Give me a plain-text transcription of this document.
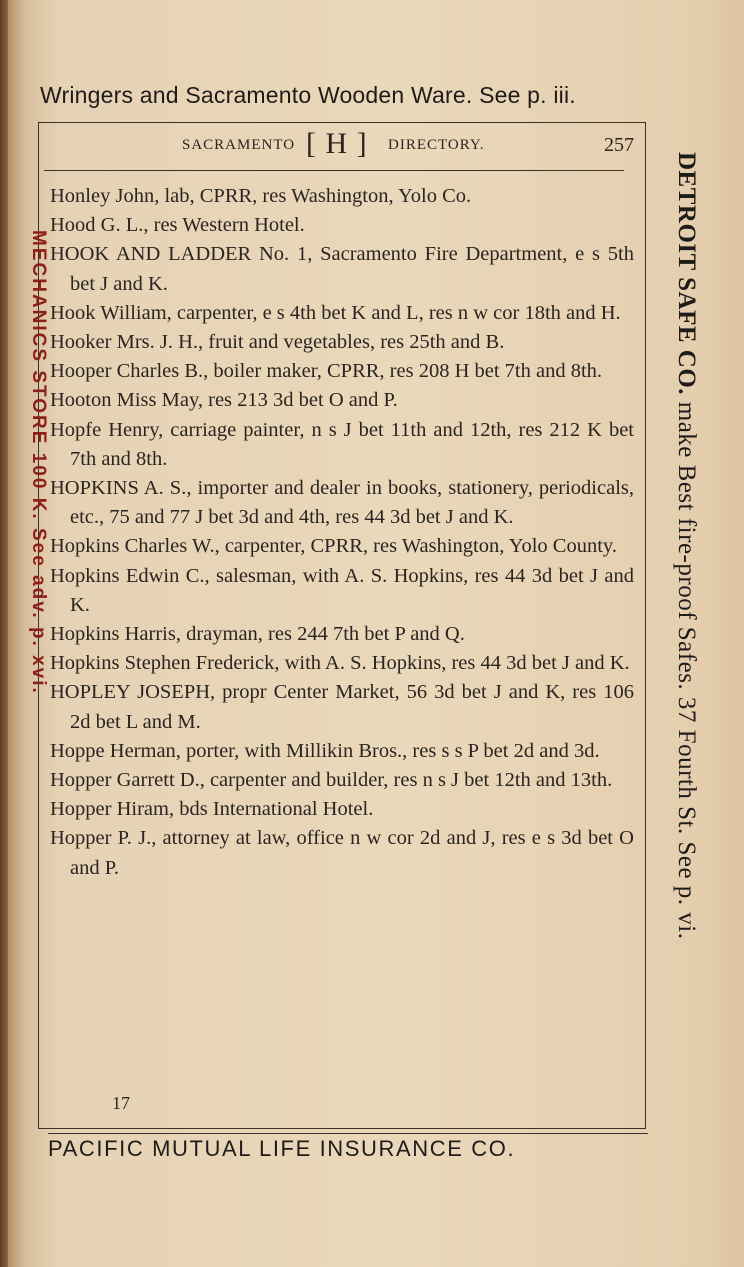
Wringers and Sacramento Wooden Ware. See p. iii.
SACRAMENTO [ H ] DIRECTORY.	257

Honley John, lab, CPRR, res Washington, Yolo Co.

Hood G. L., res Western Hotel.

HOOK AND LADDER No. 1, Sacramento Fire Department, e s 5th bet J and K.

Hook William, carpenter, e s 4th bet K and L, res n w cor 18th and H.

Hooker Mrs. J. H., fruit and vegetables, res 25th and B.

Hooper Charles B., boiler maker, CPRR, res 208 H bet 7th and 8th.

Hooton Miss May, res 213 3d bet O and P.

Hopfe Henry, carriage painter, n s J bet 11th and 12th, res 212 K bet 7th and 8th.

HOPKINS A. S., importer and dealer in books, stationery, periodicals, etc., 75 and 77 J bet 3d and 4th, res 44 3d bet J and K.

Hopkins Charles W., carpenter, CPRR, res Washington, Yolo County.

Hopkins Edwin C., salesman, with A. S. Hopkins, res 44 3d bet J and K.

Hopkins Harris, drayman, res 244 7th bet P and Q.

Hopkins Stephen Frederick, with A. S. Hopkins, res 44 3d bet J and K.

HOPLEY JOSEPH, propr Center Market, 56 3d bet J and K, res 106 2d bet L and M.

Hoppe Herman, porter, with Millikin Bros., res s s P bet 2d and 3d.

Hopper Garrett D., carpenter and builder, res n s J bet 12th and 13th.

Hopper Hiram, bds International Hotel.

Hopper P. J., attorney at law, office n w cor 2d and J, res e s 3d bet O and P.

17
PACIFIC MUTUAL LIFE INSURANCE CO.
MECHANICS STORE 100 K. See adv. p. xvi.	DETROIT SAFE CO. make Best fire-proof Safes. 37 Fourth St. See p. vi.
